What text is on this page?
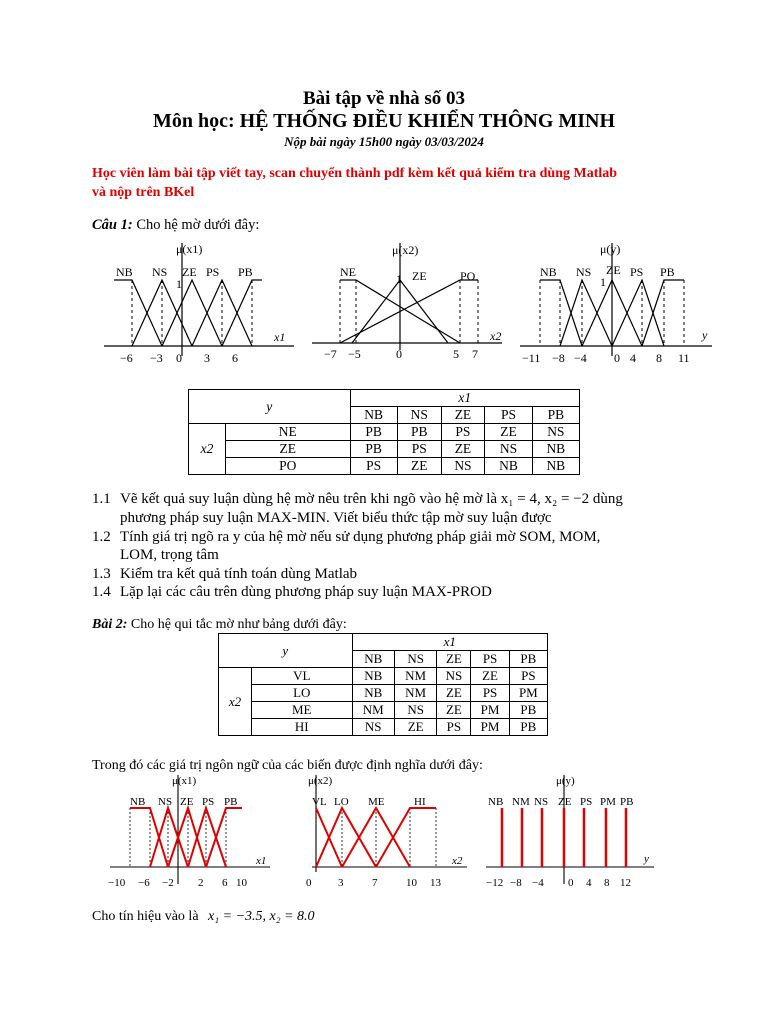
Bài tập về nhà số 03
Môn học: HỆ THỐNG ĐIỀU KHIỂN THÔNG MINH
Nộp bài ngày 15h00 ngày 03/03/2024
Học viên làm bài tập viết tay, scan chuyển thành pdf kèm kết quả kiểm tra dùng Matlab
và nộp trên BKel
Câu 1: Cho hệ mờ dưới đây:
μ(x1)
1
NB NS ZE PS PB
x1
−6 −3 0 3 6
μ(x2)
1
NE	ZE	PO
x2
−7 −5	0	5 7
μ(y)
1
NB NS ZE PS PB
y
−11 −8 −4 0 4 8 11
y		x1				
		NB	NS	ZE	PS	PB
x2	NE	PB	PB	PS	ZE	NS
	ZE	PB	PS	ZE	NS	NB
	PO	PS	ZE	NS	NB	NB
1.1 Vẽ kết quả suy luận dùng hệ mờ nêu trên khi ngõ vào hệ mờ là x₁ = 4, x₂ = −2 dùng
phương pháp suy luận MAX-MIN. Viết biểu thức tập mờ suy luận được
1.2 Tính giá trị ngõ ra y của hệ mờ nếu sử dụng phương pháp giải mờ SOM, MOM,
LOM, trọng tâm
1.3 Kiểm tra kết quả tính toán dùng Matlab
1.4 Lặp lại các câu trên dùng phương pháp suy luận MAX-PROD
Bài 2: Cho hệ qui tắc mờ như bảng dưới đây:
y		x1				
		NB	NS	ZE	PS	PB
x2	VL	NB	NM	NS	ZE	PS
	LO	NB	NM	ZE	PS	PM
	ME	NM	NS	ZE	PM	PB
	HI	NS	ZE	PS	PM	PB
Trong đó các giá trị ngôn ngữ của các biến được định nghĩa dưới đây:
μ(x1)
NB NS ZE PS PB
x1
−10 −6 −2 2 6 10
μ(x2)
VL LO ME	HI
x2
0 3	7	10 13
μ(y)
NB NM NS ZE PS PM PB
y
−12 −8 −4 0 4 8 12
Cho tín hiệu vào là x₁ = −3.5, x₂ = 8.0
